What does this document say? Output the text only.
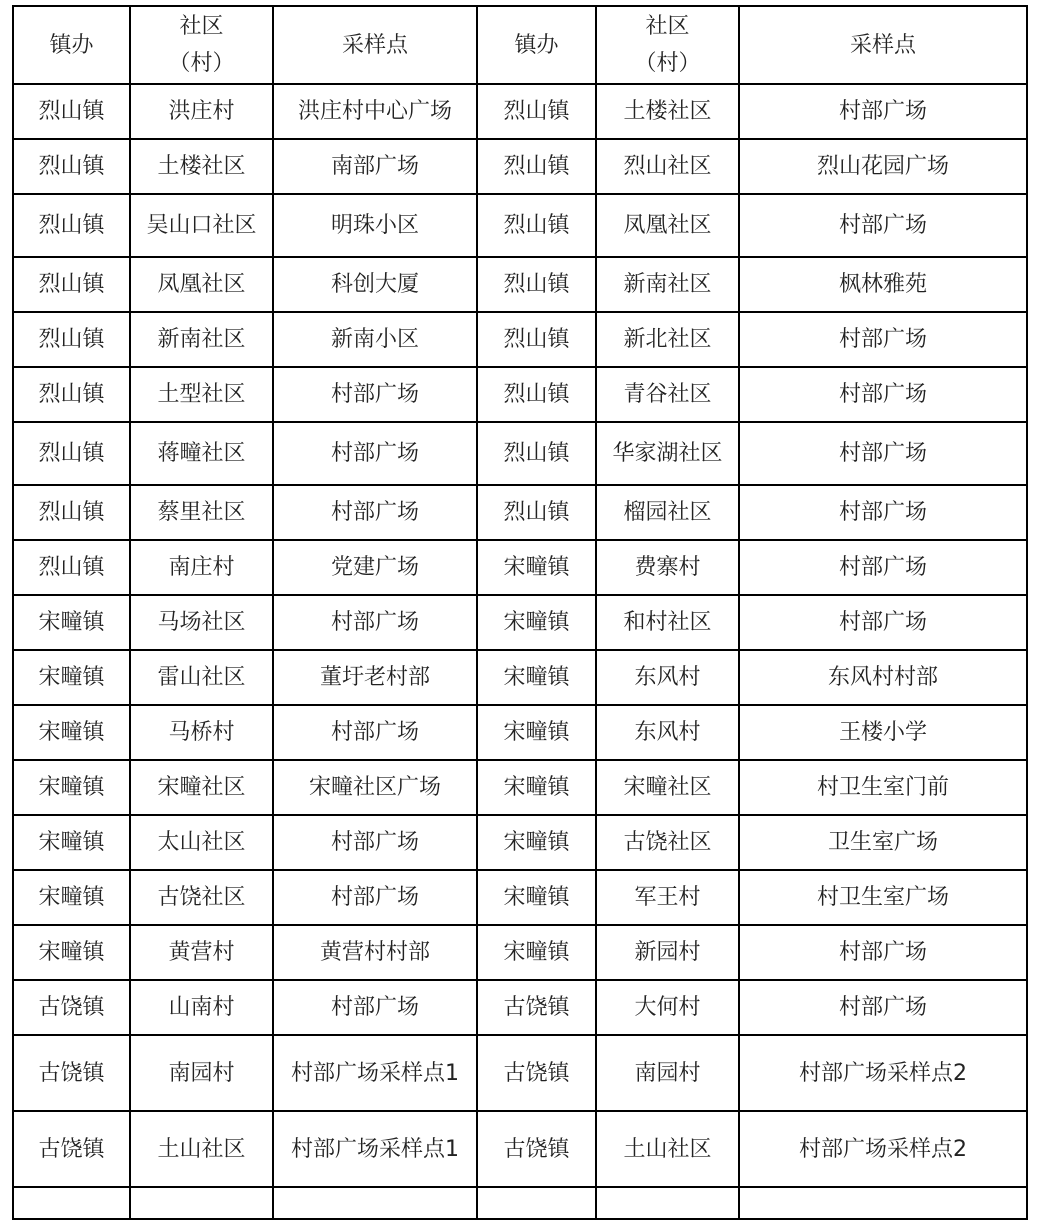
镇办	社区（村）	采样点	镇办	社区（村）	采样点
烈山镇	洪庄村	洪庄村中心广场	烈山镇	土楼社区	村部广场
烈山镇	土楼社区	南部广场	烈山镇	烈山社区	烈山花园广场
烈山镇	吴山口社区	明珠小区	烈山镇	凤凰社区	村部广场
烈山镇	凤凰社区	科创大厦	烈山镇	新南社区	枫林雅苑
烈山镇	新南社区	新南小区	烈山镇	新北社区	村部广场
烈山镇	土型社区	村部广场	烈山镇	青谷社区	村部广场
烈山镇	蒋疃社区	村部广场	烈山镇	华家湖社区	村部广场
烈山镇	蔡里社区	村部广场	烈山镇	榴园社区	村部广场
烈山镇	南庄村	党建广场	宋疃镇	费寨村	村部广场
宋疃镇	马场社区	村部广场	宋疃镇	和村社区	村部广场
宋疃镇	雷山社区	董圩老村部	宋疃镇	东风村	东风村村部
宋疃镇	马桥村	村部广场	宋疃镇	东风村	王楼小学
宋疃镇	宋疃社区	宋疃社区广场	宋疃镇	宋疃社区	村卫生室门前
宋疃镇	太山社区	村部广场	宋疃镇	古饶社区	卫生室广场
宋疃镇	古饶社区	村部广场	宋疃镇	军王村	村卫生室广场
宋疃镇	黄营村	黄营村村部	宋疃镇	新园村	村部广场
古饶镇	山南村	村部广场	古饶镇	大何村	村部广场
古饶镇	南园村	村部广场采样点1	古饶镇	南园村	村部广场采样点2
古饶镇	土山社区	村部广场采样点1	古饶镇	土山社区	村部广场采样点2
